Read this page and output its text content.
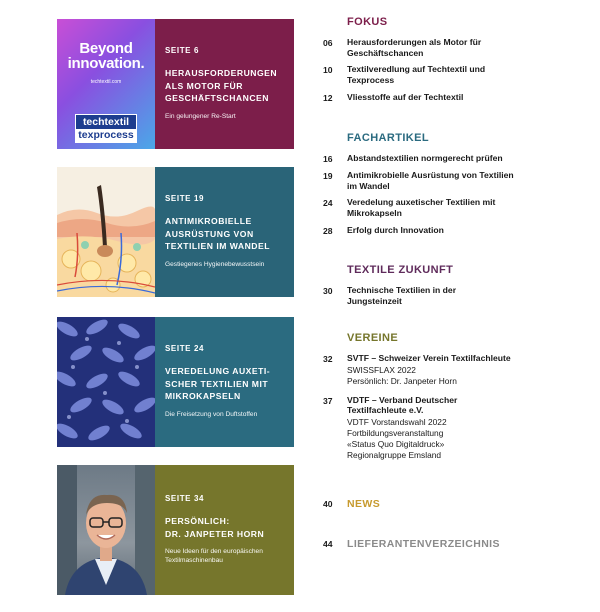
Beyond
innovation.
techtextil.com
techtextil
texprocess
SEITE 6
HERAUSFORDERUNGEN
ALS MOTOR FÜR
GESCHÄFTSCHANCEN
Ein gelungener Re-Start
SEITE 19
ANTIMIKROBIELLE
AUSRÜSTUNG VON
TEXTILIEN IM WANDEL
Gestiegenes Hygienebewusstsein
SEITE 24
VEREDELUNG AUXETI-
SCHER TEXTILIEN MIT
MIKROKAPSELN
Die Freisetzung von Duftstoffen
SEITE 34
PERSÖNLICH:
DR. JANPETER HORN
Neue Ideen für den europäischen
Textilmaschinenbau
FOKUS
06	Herausforderungen als Motor für
Geschäftschancen
10	Textilveredlung auf Techtextil und
Texprocess
12	Vliesstoffe auf der Techtextil
FACHARTIKEL
16	Abstandstextilien normgerecht prüfen
19	Antimikrobielle Ausrüstung von Textilien
im Wandel
24	Veredelung auxetischer Textilien mit
Mikrokapseln
28	Erfolg durch Innovation
TEXTILE ZUKUNFT
30	Technische Textilien in der
Jungsteinzeit
VEREINE
32	SVTF – Schweizer Verein Textilfachleute
SWISSFLAX 2022
Persönlich: Dr. Janpeter Horn
37	VDTF – Verband Deutscher
Textilfachleute e.V.
VDTF Vorstandswahl 2022
Fortbildungsveranstaltung
«Status Quo Digitaldruck»
Regionalgruppe Emsland
40	NEWS
44	LIEFERANTENVERZEICHNIS
